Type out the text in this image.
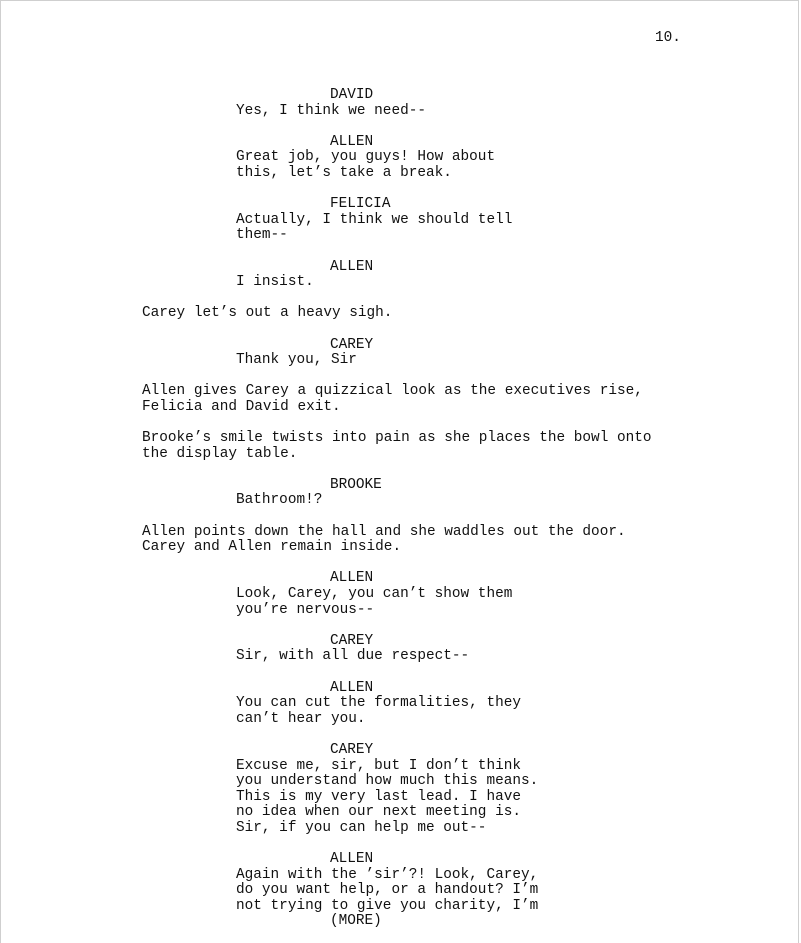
10.
DAVID
Yes, I think we need--
ALLEN
Great job, you guys! How about
this, let’s take a break.
FELICIA
Actually, I think we should tell
them--
ALLEN
I insist.
Carey let’s out a heavy sigh.
CAREY
Thank you, Sir
Allen gives Carey a quizzical look as the executives rise,
Felicia and David exit.
Brooke’s smile twists into pain as she places the bowl onto
the display table.
BROOKE
Bathroom!?
Allen points down the hall and she waddles out the door.
Carey and Allen remain inside.
ALLEN
Look, Carey, you can’t show them
you’re nervous--
CAREY
Sir, with all due respect--
ALLEN
You can cut the formalities, they
can’t hear you.
CAREY
Excuse me, sir, but I don’t think
you understand how much this means.
This is my very last lead. I have
no idea when our next meeting is.
Sir, if you can help me out--
ALLEN
Again with the ’sir’?! Look, Carey,
do you want help, or a handout? I’m
not trying to give you charity, I’m
(MORE)
